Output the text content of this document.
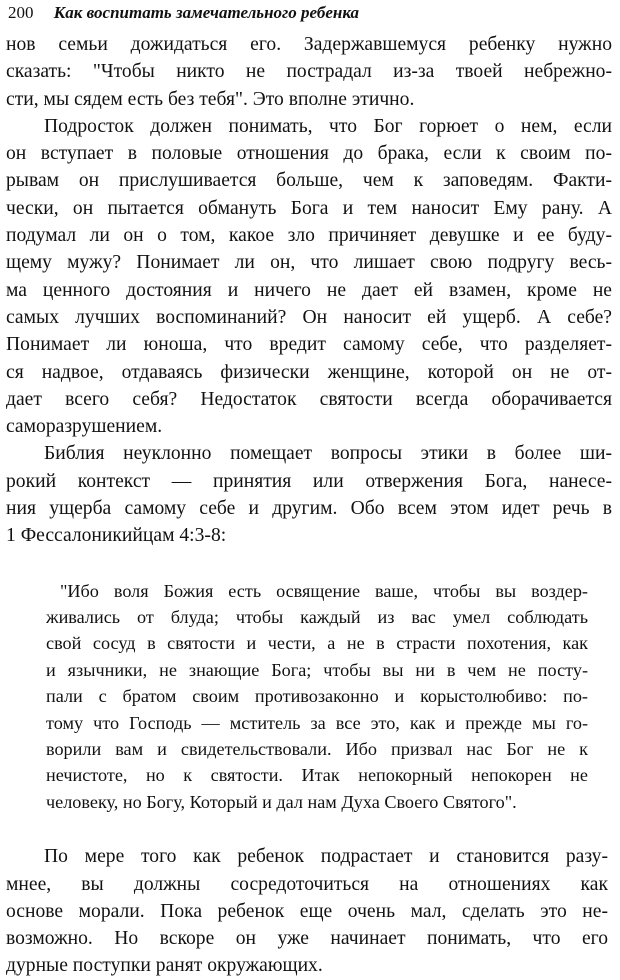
200 Как воспитать замечательного ребенка

нов семьи дожидаться его. Задержавшемуся ребенку нужно
сказать: "Чтобы никто не пострадал из-за твоей небрежно-
сти, мы сядем есть без тебя". Это вполне этично.

Подросток должен понимать, что Бог горюет о нем, если
он вступает в половые отношения до брака, если к своим по-
рывам он прислушивается больше, чем к заповедям. Факти-
чески, он пытается обмануть Бога и тем наносит Ему рану. А
подумал ли он о том, какое зло причиняет девушке и ее буду-
щему мужу? Понимает ли он, что лишает свою подругу весь-
ма ценного достояния и ничего не дает ей взамен, кроме не
самых лучших воспоминаний? Он наносит ей ущерб. А себе?
Понимает ли юноша, что вредит самому себе, что разделяет-
ся надвое, отдаваясь физически женщине, которой он не от-
дает всего себя? Недостаток святости всегда оборачивается
саморазрушением.

Библия неуклонно помещает вопросы этики в более ши-
рокий контекст — принятия или отвержения Бога, нанесе-
ния ущерба самому себе и другим. Обо всем этом идет речь в
1 Фессалоникийцам 4:3-8:

"Ибо воля Божия есть освящение ваше, чтобы вы воздер-
живались от блуда; чтобы каждый из вас умел соблюдать
свой сосуд в святости и чести, а не в страсти похотения, как
и язычники, не знающие Бога; чтобы вы ни в чем не посту-
пали с братом своим противозаконно и корыстолюбиво: по-
тому что Господь — мститель за все это, как и прежде мы го-
ворили вам и свидетельствовали. Ибо призвал нас Бог не к
нечистоте, но к святости. Итак непокорный непокорен не
человеку, но Богу, Который и дал нам Духа Своего Святого".

По мере того как ребенок подрастает и становится разу-
мнее, вы должны сосредоточиться на отношениях как
основе морали. Пока ребенок еще очень мал, сделать это не-
возможно. Но вскоре он уже начинает понимать, что его
дурные поступки ранят окружающих.
